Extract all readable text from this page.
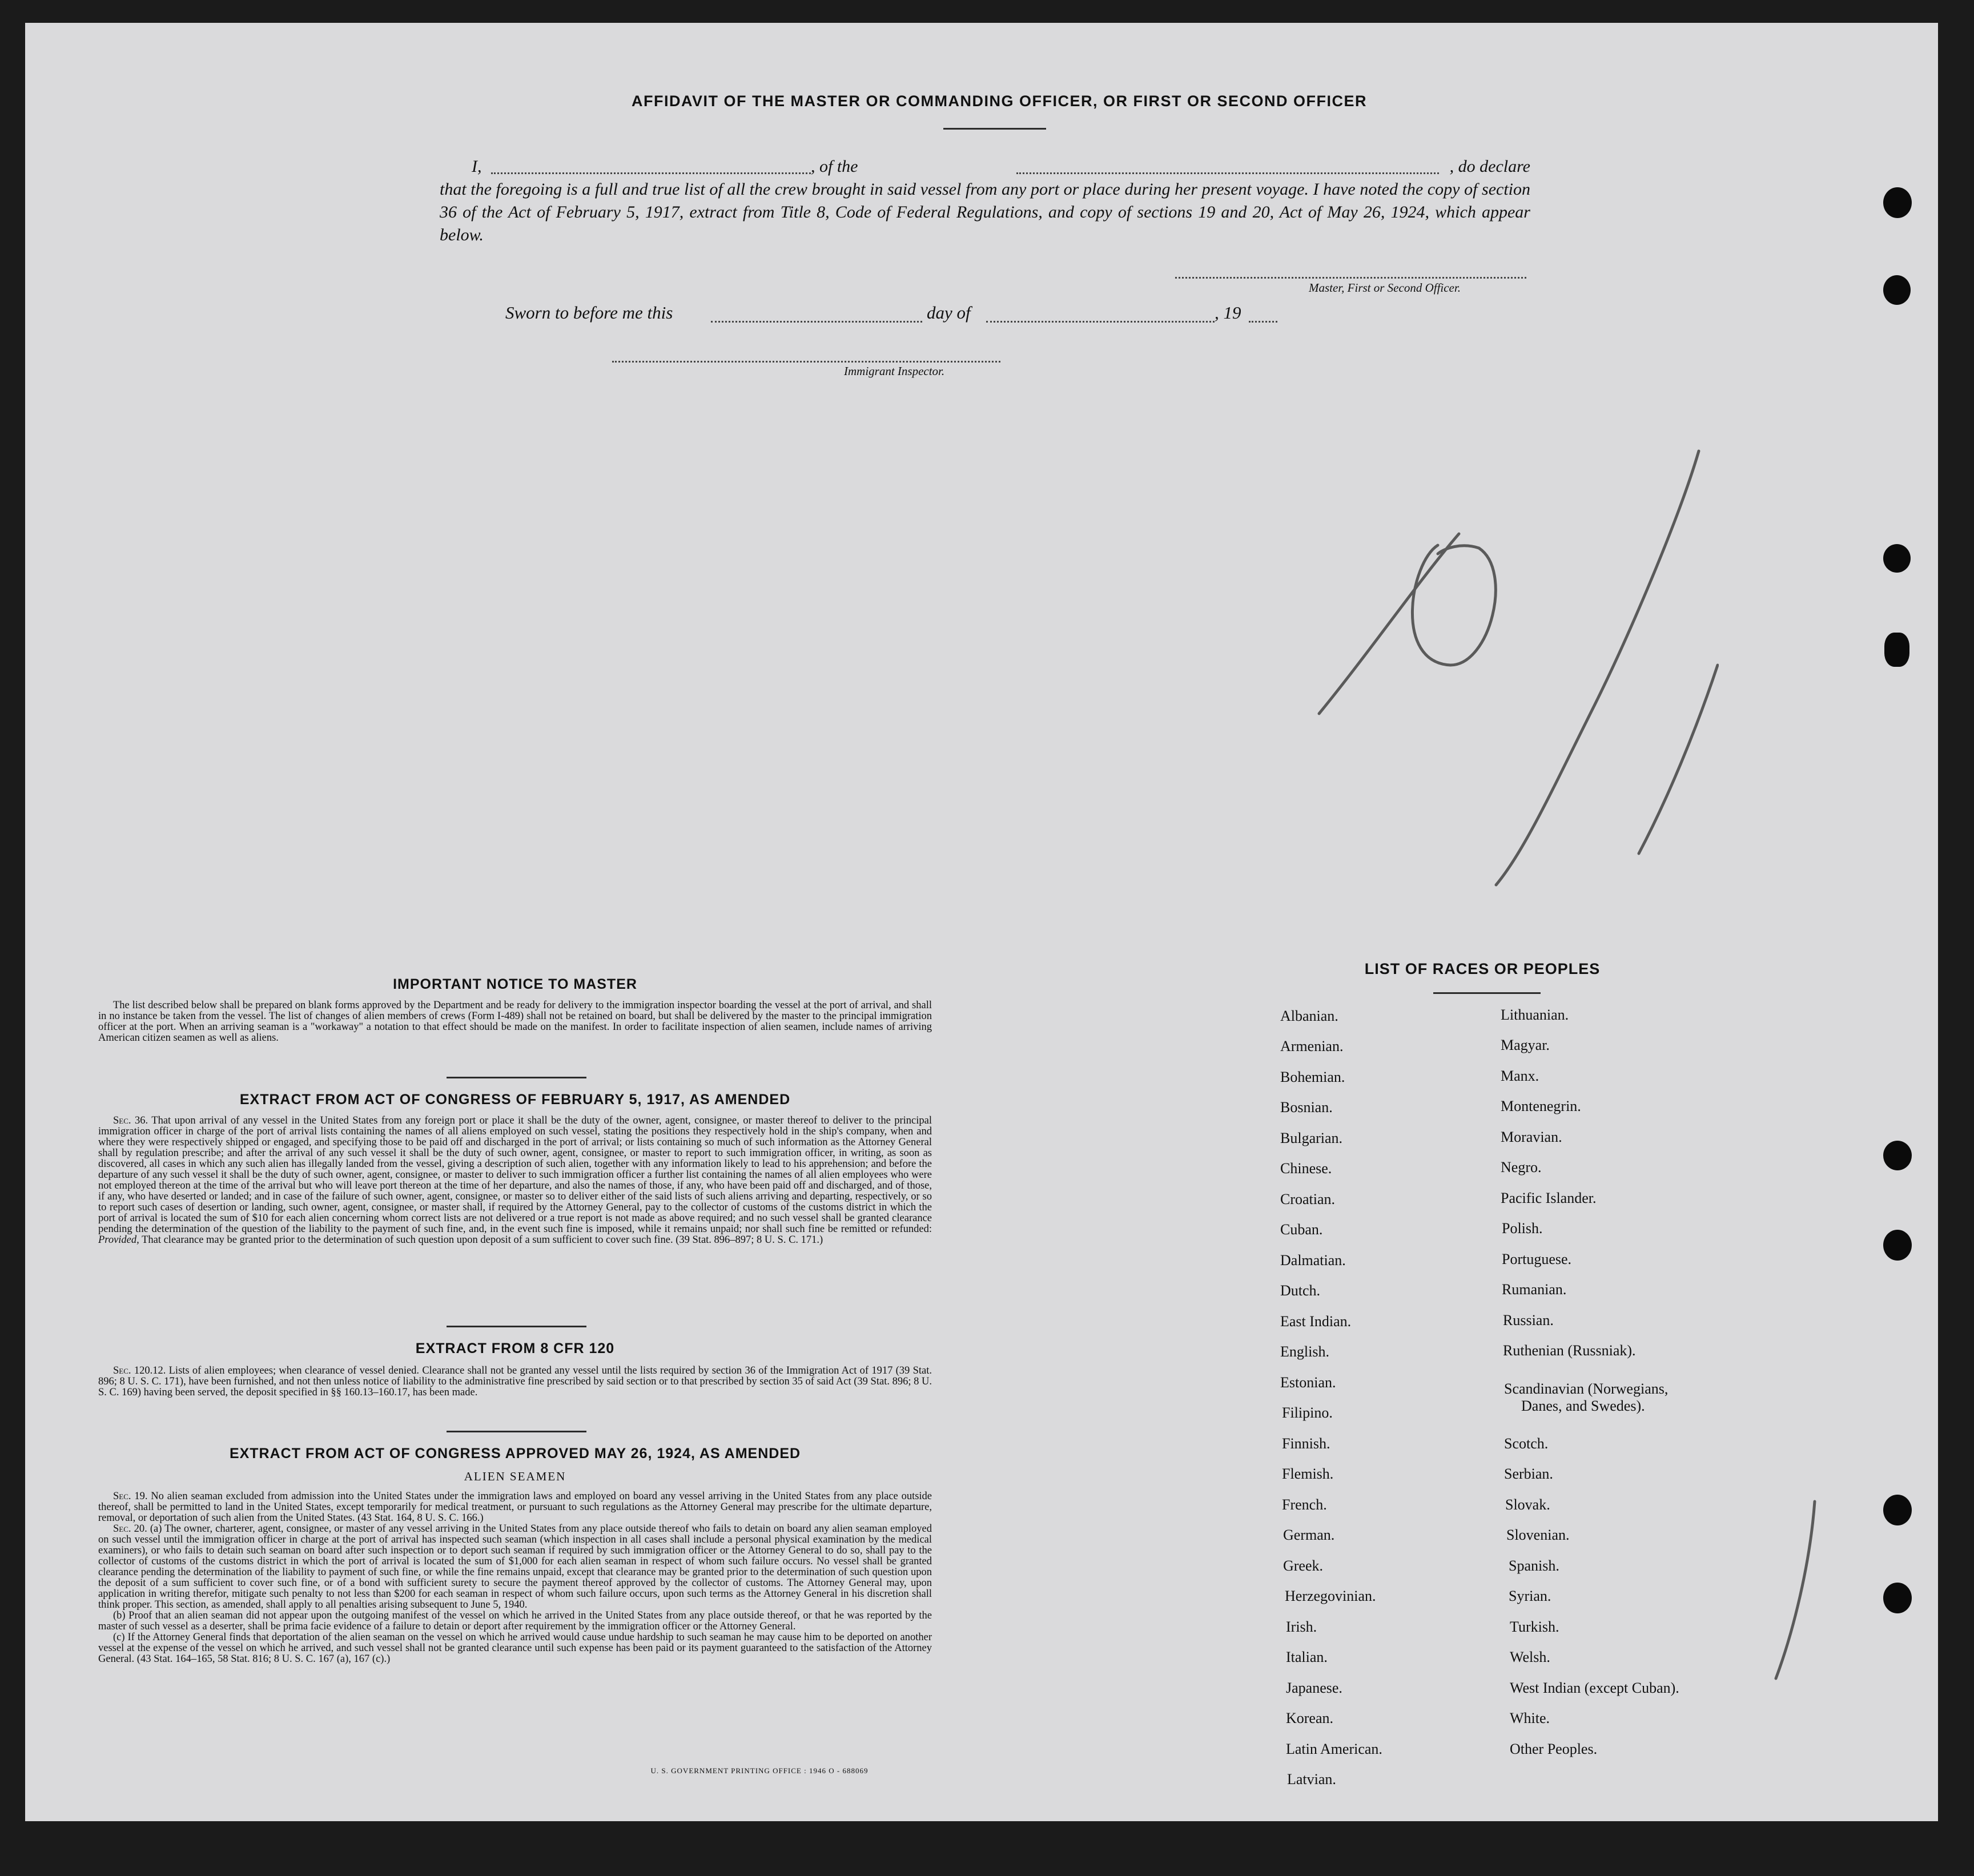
AFFIDAVIT OF THE MASTER OR COMMANDING OFFICER, OR FIRST OR SECOND OFFICER
I,	, of the	, do declare

that the foregoing is a full and true list of all the crew brought in said vessel from any port or place during her present voyage. I have noted the copy of section 36 of the Act of February 5, 1917, extract from Title 8, Code of Federal Regulations, and copy of sections 19 and 20, Act of May 26, 1924, which appear below.

Master, First or Second Officer.
Sworn to before me this	day of	, 19
Immigrant Inspector.
IMPORTANT NOTICE TO MASTER

The list described below shall be prepared on blank forms approved by the Department and be ready for delivery to the immigration inspector boarding the vessel at the port of arrival, and shall in no instance be taken from the vessel. The list of changes of alien members of crews (Form I-489) shall not be retained on board, but shall be delivered by the master to the principal immigration officer at the port. When an arriving seaman is a "workaway" a notation to that effect should be made on the manifest. In order to facilitate inspection of alien seamen, include names of arriving American citizen seamen as well as aliens.

EXTRACT FROM ACT OF CONGRESS OF FEBRUARY 5, 1917, AS AMENDED

Sec. 36. That upon arrival of any vessel in the United States from any foreign port or place it shall be the duty of the owner, agent, consignee, or master thereof to deliver to the principal immigration officer in charge of the port of arrival lists containing the names of all aliens employed on such vessel, stating the positions they respectively hold in the ship's company, when and where they were respectively shipped or engaged, and specifying those to be paid off and discharged in the port of arrival; or lists containing so much of such information as the Attorney General shall by regulation prescribe; and after the arrival of any such vessel it shall be the duty of such owner, agent, consignee, or master to report to such immigration officer, in writing, as soon as discovered, all cases in which any such alien has illegally landed from the vessel, giving a description of such alien, together with any information likely to lead to his apprehension; and before the departure of any such vessel it shall be the duty of such owner, agent, consignee, or master to deliver to such immigration officer a further list containing the names of all alien employees who were not employed thereon at the time of the arrival but who will leave port thereon at the time of her departure, and also the names of those, if any, who have been paid off and discharged, and of those, if any, who have deserted or landed; and in case of the failure of such owner, agent, consignee, or master so to deliver either of the said lists of such aliens arriving and departing, respectively, or so to report such cases of desertion or landing, such owner, agent, consignee, or master shall, if required by the Attorney General, pay to the collector of customs of the customs district in which the port of arrival is located the sum of $10 for each alien concerning whom correct lists are not delivered or a true report is not made as above required; and no such vessel shall be granted clearance pending the determination of the question of the liability to the payment of such fine, and, in the event such fine is imposed, while it remains unpaid; nor shall such fine be remitted or refunded: Provided, That clearance may be granted prior to the determination of such question upon deposit of a sum sufficient to cover such fine. (39 Stat. 896–897; 8 U. S. C. 171.)

EXTRACT FROM 8 CFR 120

Sec. 120.12. Lists of alien employees; when clearance of vessel denied. Clearance shall not be granted any vessel until the lists required by section 36 of the Immigration Act of 1917 (39 Stat. 896; 8 U. S. C. 171), have been furnished, and not then unless notice of liability to the administrative fine prescribed by said section or to that prescribed by section 35 of said Act (39 Stat. 896; 8 U. S. C. 169) having been served, the deposit specified in §§ 160.13–160.17, has been made.

EXTRACT FROM ACT OF CONGRESS APPROVED MAY 26, 1924, AS AMENDED
ALIEN SEAMEN

Sec. 19. No alien seaman excluded from admission into the United States under the immigration laws and employed on board any vessel arriving in the United States from any place outside thereof, shall be permitted to land in the United States, except temporarily for medical treatment, or pursuant to such regulations as the Attorney General may prescribe for the ultimate departure, removal, or deportation of such alien from the United States. (43 Stat. 164, 8 U. S. C. 166.)

Sec. 20. (a) The owner, charterer, agent, consignee, or master of any vessel arriving in the United States from any place outside thereof who fails to detain on board any alien seaman employed on such vessel until the immigration officer in charge at the port of arrival has inspected such seaman (which inspection in all cases shall include a personal physical examination by the medical examiners), or who fails to detain such seaman on board after such inspection or to deport such seaman if required by such immigration officer or the Attorney General to do so, shall pay to the collector of customs of the customs district in which the port of arrival is located the sum of $1,000 for each alien seaman in respect of whom such failure occurs. No vessel shall be granted clearance pending the determination of the liability to payment of such fine, or while the fine remains unpaid, except that clearance may be granted prior to the determination of such question upon the deposit of a sum sufficient to cover such fine, or of a bond with sufficient surety to secure the payment thereof approved by the collector of customs. The Attorney General may, upon application in writing therefor, mitigate such penalty to not less than $200 for each seaman in respect of whom such failure occurs, upon such terms as the Attorney General in his discretion shall think proper. This section, as amended, shall apply to all penalties arising subsequent to June 5, 1940.

(b) Proof that an alien seaman did not appear upon the outgoing manifest of the vessel on which he arrived in the United States from any place outside thereof, or that he was reported by the master of such vessel as a deserter, shall be prima facie evidence of a failure to detain or deport after requirement by the immigration officer or the Attorney General.

(c) If the Attorney General finds that deportation of the alien seaman on the vessel on which he arrived would cause undue hardship to such seaman he may cause him to be deported on another vessel at the expense of the vessel on which he arrived, and such vessel shall not be granted clearance until such expense has been paid or its payment guaranteed to the satisfaction of the Attorney General. (43 Stat. 164–165, 58 Stat. 816; 8 U. S. C. 167 (a), 167 (c).)

U. S. GOVERNMENT PRINTING OFFICE : 1946 O - 688069
LIST OF RACES OR PEOPLES
Albanian.
Armenian.
Bohemian.
Bosnian.
Bulgarian.
Chinese.
Croatian.
Cuban.
Dalmatian.
Dutch.
East Indian.
English.
Estonian.
Filipino.
Finnish.
Flemish.
French.
German.
Greek.
Herzegovinian.
Irish.
Italian.
Japanese.
Korean.
Latin American.
Latvian.
Lithuanian.
Magyar.
Manx.
Montenegrin.
Moravian.
Negro.
Pacific Islander.
Polish.
Portuguese.
Rumanian.
Russian.
Ruthenian (Russniak).
Scandinavian (Norwegians,
Danes, and Swedes).
Scotch.
Serbian.
Slovak.
Slovenian.
Spanish.
Syrian.
Turkish.
Welsh.
West Indian (except Cuban).
White.
Other Peoples.
